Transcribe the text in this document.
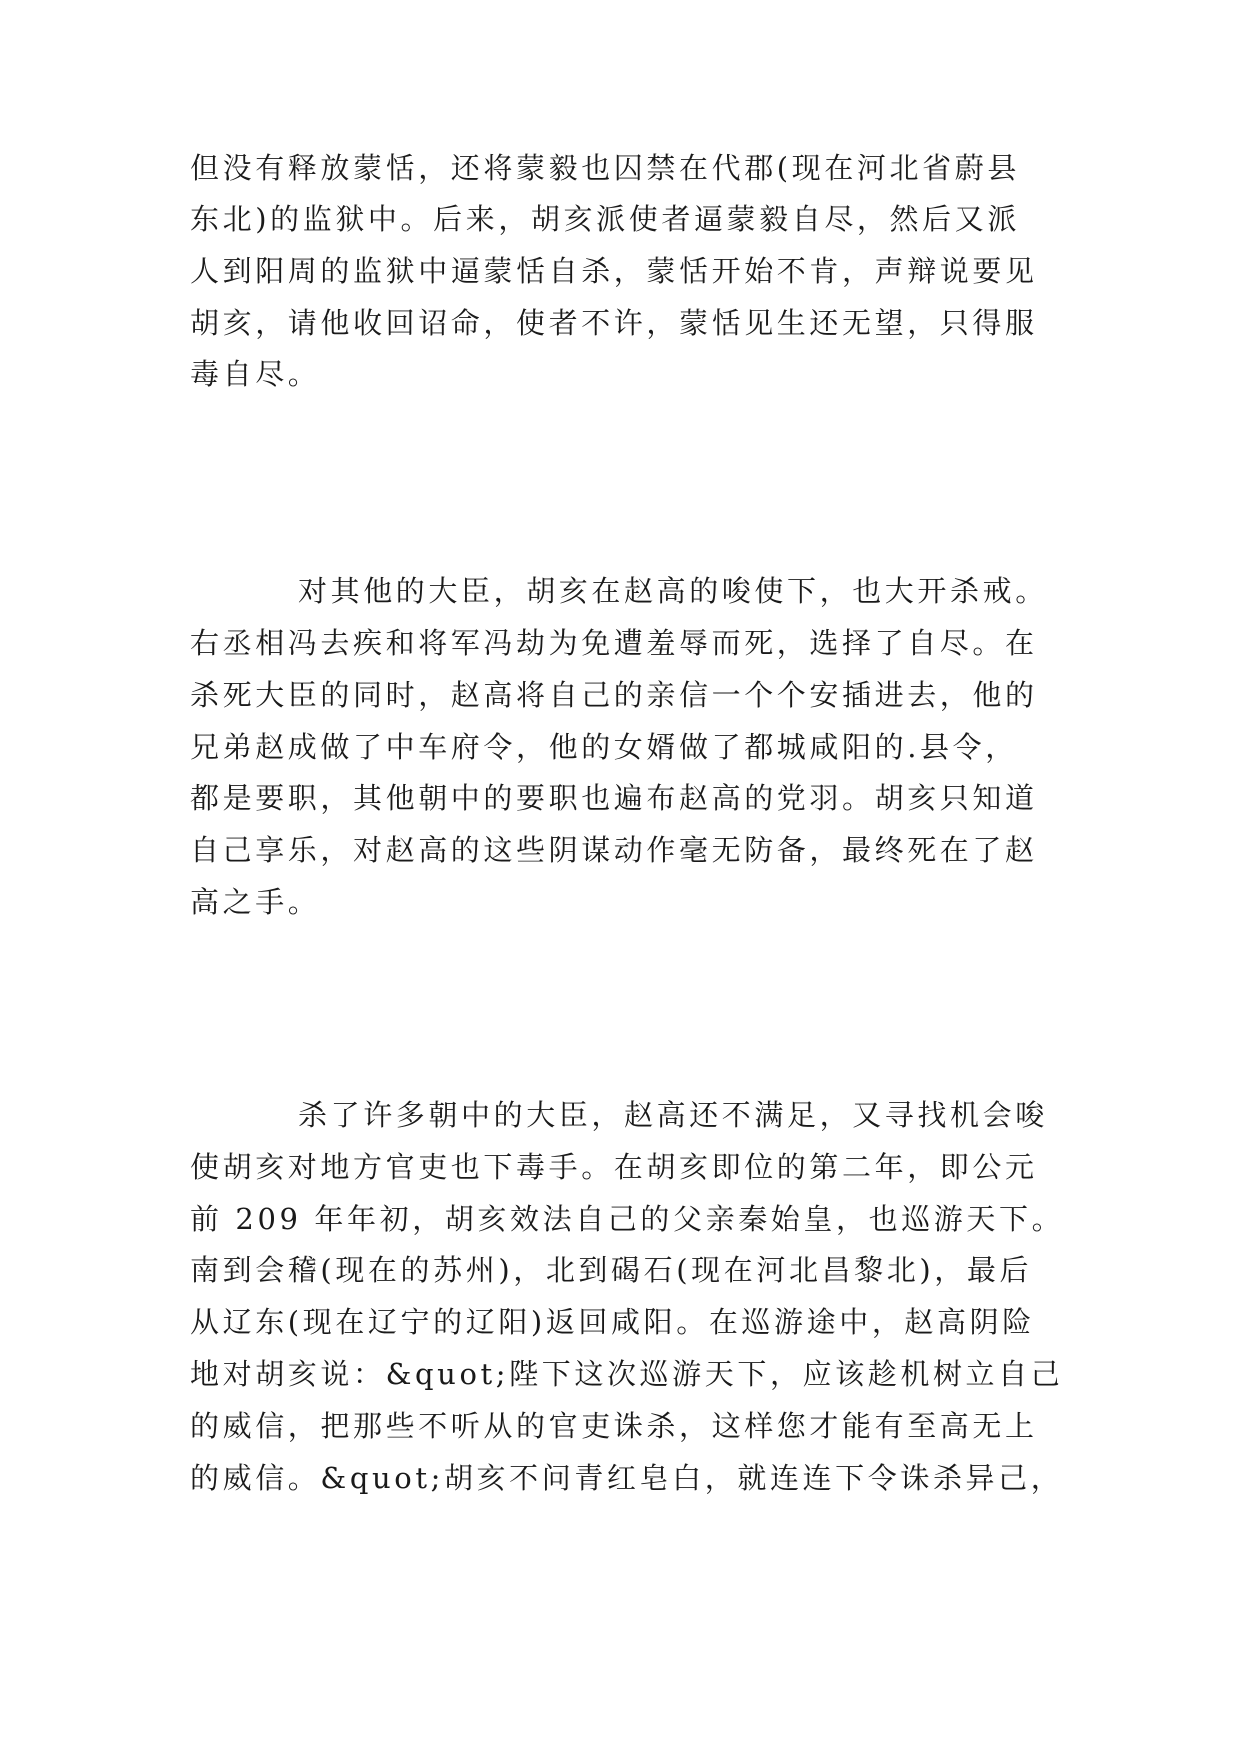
但没有释放蒙恬，还将蒙毅也囚禁在代郡(现在河北省蔚县
东北)的监狱中。后来，胡亥派使者逼蒙毅自尽，然后又派
人到阳周的监狱中逼蒙恬自杀，蒙恬开始不肯，声辩说要见
胡亥，请他收回诏命，使者不许，蒙恬见生还无望，只得服
毒自尽。
对其他的大臣，胡亥在赵高的唆使下，也大开杀戒。
右丞相冯去疾和将军冯劫为免遭羞辱而死，选择了自尽。在
杀死大臣的同时，赵高将自己的亲信一个个安插进去，他的
兄弟赵成做了中车府令，他的女婿做了都城咸阳的.县令，
都是要职，其他朝中的要职也遍布赵高的党羽。胡亥只知道
自己享乐，对赵高的这些阴谋动作毫无防备，最终死在了赵
高之手。
杀了许多朝中的大臣，赵高还不满足，又寻找机会唆
使胡亥对地方官吏也下毒手。在胡亥即位的第二年，即公元
前 209 年年初，胡亥效法自己的父亲秦始皇，也巡游天下。
南到会稽(现在的苏州)，北到碣石(现在河北昌黎北)，最后
从辽东(现在辽宁的辽阳)返回咸阳。在巡游途中，赵高阴险
地对胡亥说：&quot;陛下这次巡游天下，应该趁机树立自己
的威信，把那些不听从的官吏诛杀，这样您才能有至高无上
的威信。&quot;胡亥不问青红皂白，就连连下令诛杀异己，
